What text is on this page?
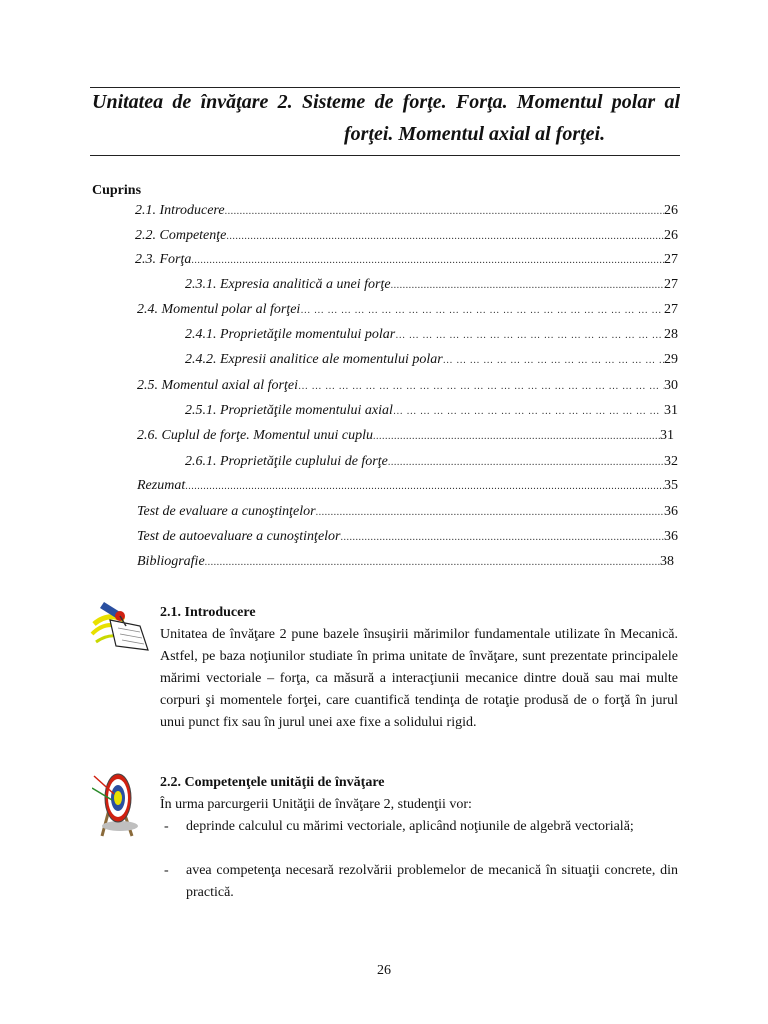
Unitatea de învăţare 2. Sisteme de forţe. Forţa. Momentul polar al
forţei. Momentul axial al forţei.
Cuprins
2.1. Introducere .....	26
2.2. Competenţe .....	26
2.3. Forţa .....	27
2.3.1. Expresia analitică a unei forţe .....	27
2.4. Momentul polar al forţei … … … … … … … … … … … … … … … … … … … … … … … … … … … … … … … … … … … … … … … … … … … … … … … … … … … … …	27
2.4.1. Proprietăţile momentului polar … … … … … … … … … … … … … … … … … … … … … … … … … … … … … … … … … … … … … … … … … … … … … … … … … … … … …	28
2.4.2. Expresii analitice ale momentului polar … … … … … … … … … … … … … … … … … … … … … … … … … … … … … … … … … … … … … … … … … … … … … … … … … … … … …	29
2.5. Momentul axial al forţei … … … … … … … … … … … … … … … … … … … … … … … … … … … … … … … … … … … … … … … … … … … … … … … … … … … … …	30
2.5.1. Proprietăţile momentului axial … … … … … … … … … … … … … … … … … … … … … … … … … … … … … … … … … … … … … … … … … … … … … … … … … … … … …	31
2.6. Cuplul de forţe. Momentul unui cuplu .....	31
2.6.1. Proprietăţile cuplului de forţe .....	32
Rezumat .....	35
Test de evaluare a cunoştinţelor .....	36
Test de autoevaluare a cunoştinţelor .....	36
Bibliografie .....	38
2.1. Introducere
Unitatea de învăţare 2 pune bazele însuşirii mărimilor fundamentale utilizate în Mecanică. Astfel, pe baza noţiunilor studiate în prima unitate de învăţare, sunt prezentate principalele mărimi vectoriale – forţa, ca măsură a interacţiunii mecanice dintre două sau mai multe corpuri şi momentele forţei, care cuantifică tendinţa de rotaţie produsă de o forţă în jurul unui punct fix sau în jurul unei axe fixe a solidului rigid.
2.2. Competenţele unităţii de învăţare
În urma parcurgerii Unităţii de învăţare 2, studenţii vor:
- deprinde calculul cu mărimi vectoriale, aplicând noţiunile de algebră vectorială;
- avea competenţa necesară rezolvării problemelor de mecanică în situaţii concrete, din practică.
26
